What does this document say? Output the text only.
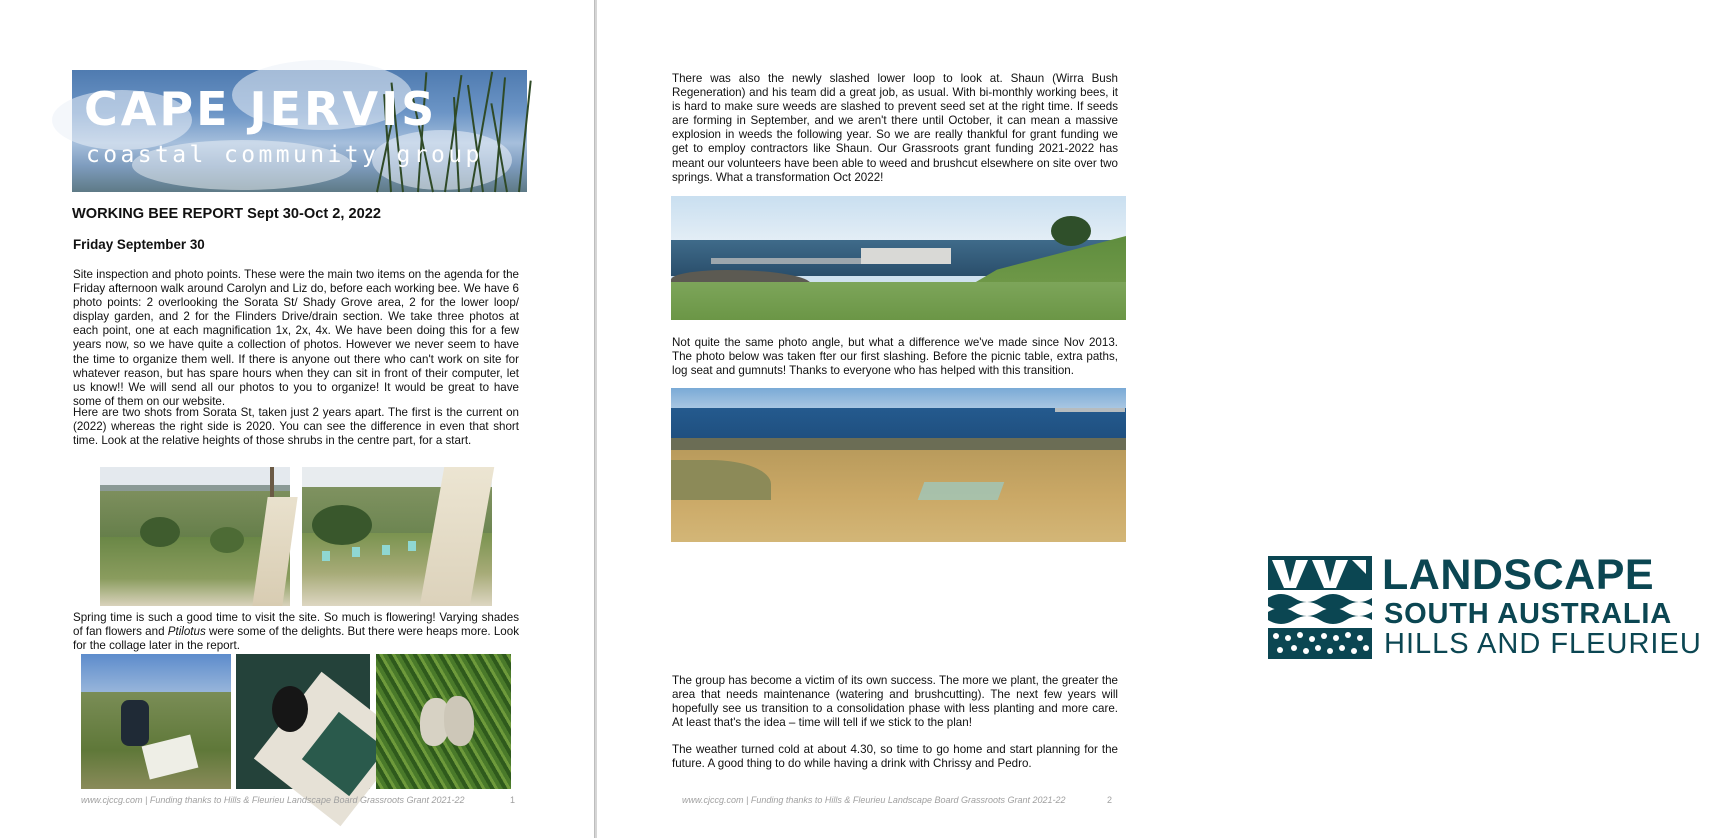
CAPE JERVIS
coastal community group
WORKING BEE REPORT Sept 30-Oct 2, 2022
Friday September 30
Site inspection and photo points. These were the main two items on the agenda for the Friday afternoon walk around Carolyn and Liz do, before each working bee. We have 6 photo points: 2 overlooking the Sorata St/ Shady Grove area, 2 for the lower loop/ display garden, and 2 for the Flinders Drive/drain section. We take three photos at each point, one at each magnification 1x, 2x, 4x. We have been doing this for a few years now, so we have quite a collection of photos. However we never seem to have the time to organize them well. If there is anyone out there who can't work on site for whatever reason, but has spare hours when they can sit in front of their computer, let us know!! We will send all our photos to you to organize! It would be great to have some of them on our website.
Here are two shots from Sorata St, taken just 2 years apart. The first is the current on (2022) whereas the right side is 2020. You can see the difference in even that short time. Look at the relative heights of those shrubs in the centre part, for a start.
Spring time is such a good time to visit the site. So much is flowering! Varying shades of fan flowers and Ptilotus were some of the delights. But there were heaps more. Look for the collage later in the report.
www.cjccg.com | Funding thanks to Hills & Fleurieu Landscape Board Grassroots Grant 2021-22	1
There was also the newly slashed lower loop to look at. Shaun (Wirra Bush Regeneration) and his team did a great job, as usual. With bi-monthly working bees, it is hard to make sure weeds are slashed to prevent seed set at the right time. If seeds are forming in September, and we aren't there until October, it can mean a massive explosion in weeds the following year. So we are really thankful for grant funding we get to employ contractors like Shaun. Our Grassroots grant funding 2021-2022 has meant our volunteers have been able to weed and brushcut elsewhere on site over two springs. What a transformation Oct 2022!
Not quite the same photo angle, but what a difference we've made since Nov 2013. The photo below was taken fter our first slashing. Before the picnic table, extra paths, log seat and gumnuts! Thanks to everyone who has helped with this transition.
LANDSCAPE
SOUTH AUSTRALIA
HILLS AND FLEURIEU
The group has become a victim of its own success. The more we plant, the greater the area that needs maintenance (watering and brushcutting). The next few years will hopefully see us transition to a consolidation phase with less planting and more care. At least that's the idea – time will tell if we stick to the plan!
The weather turned cold at about 4.30, so time to go home and start planning for the future. A good thing to do while having a drink with Chrissy and Pedro.
www.cjccg.com | Funding thanks to Hills & Fleurieu Landscape Board Grassroots Grant 2021-22	2
